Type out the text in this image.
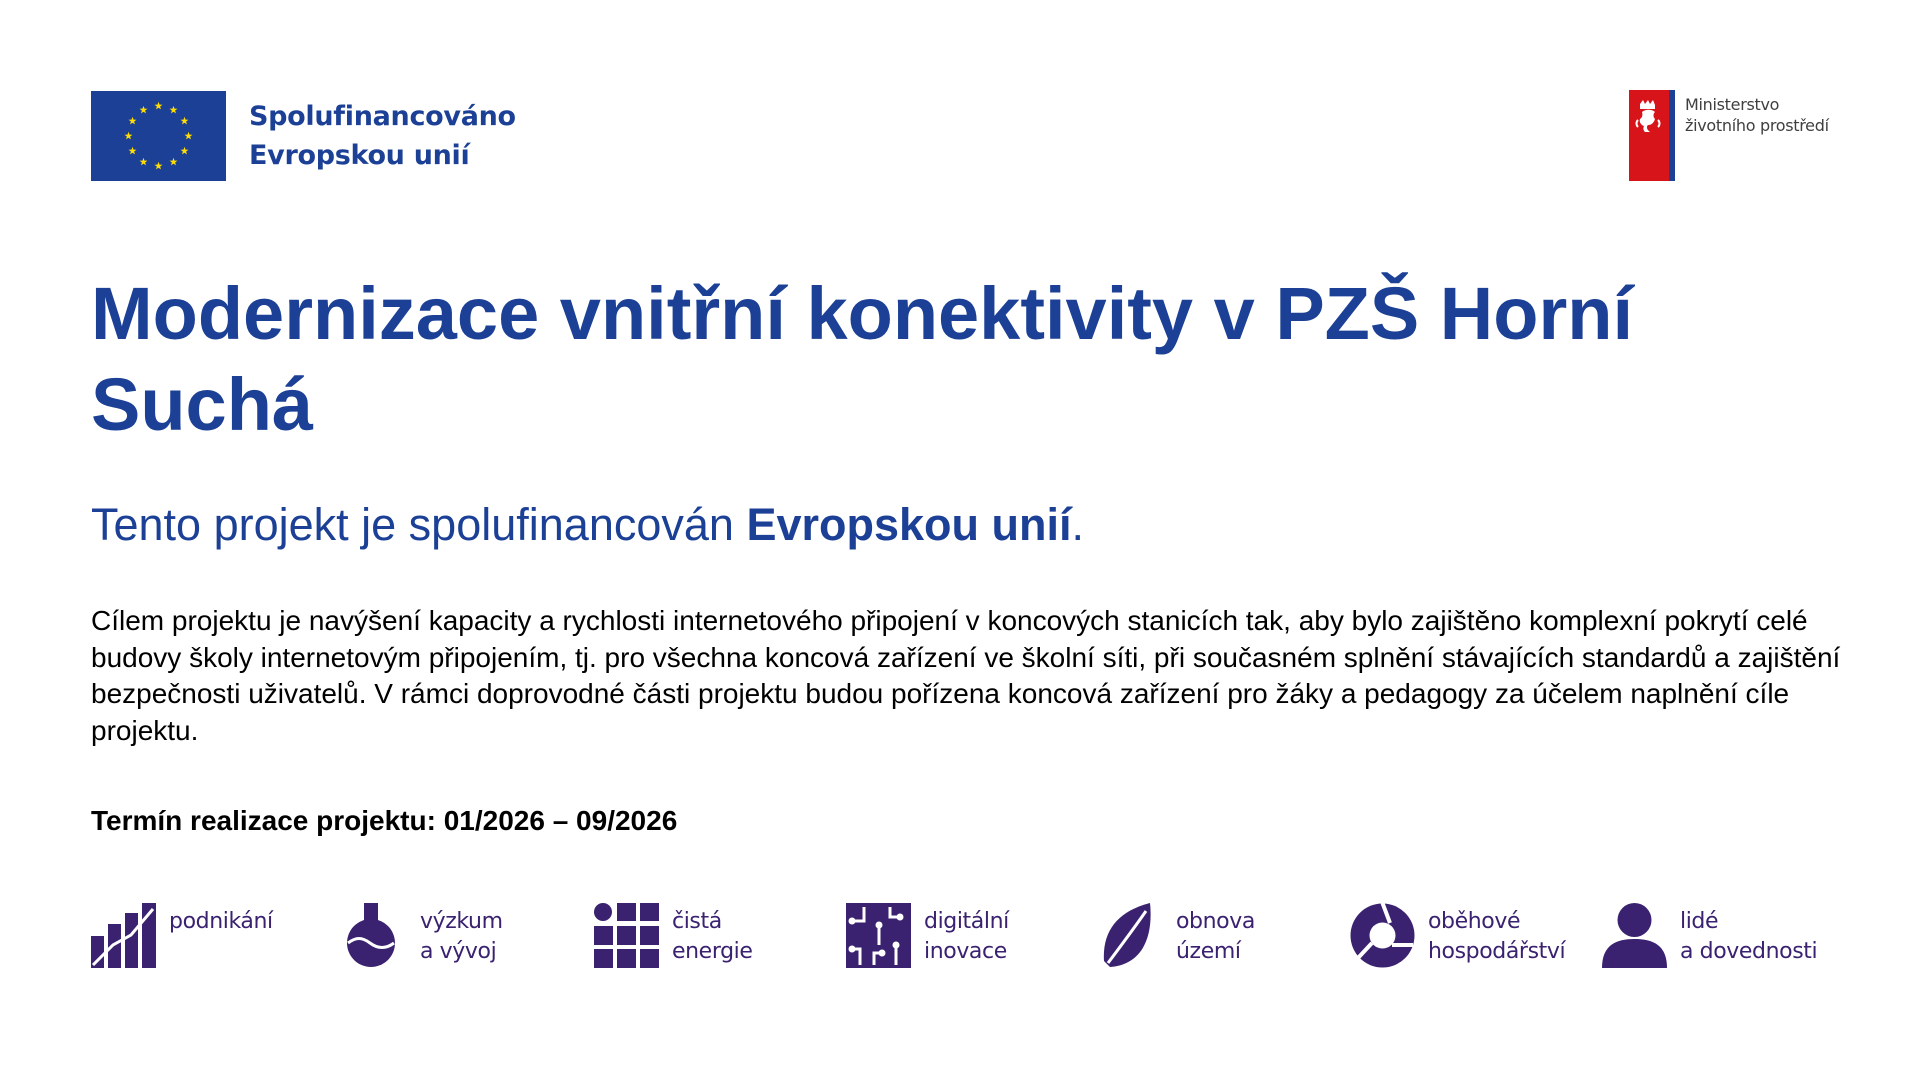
Spolufinancováno
Evropskou unií
Ministerstvo
životního prostředí
Modernizace vnitřní konektivity v PZŠ Horní Suchá

Tento projekt je spolufinancován Evropskou unií.

Cílem projektu je navýšení kapacity a rychlosti internetového připojení v koncových stanicích tak, aby bylo zajištěno komplexní pokrytí celé budovy školy internetovým připojením, tj. pro všechna koncová zařízení ve školní síti, při současném splnění stávajících standardů a zajištění bezpečnosti uživatelů. V rámci doprovodné části projektu budou pořízena koncová zařízení pro žáky a pedagogy za účelem naplnění cíle projektu.

Termín realizace projektu: 01/2026 – 09/2026

podnikání	výzkum
a vývoj
čistá
energie
digitální
inovace
obnova
území
oběhové
hospodářství
lidé
a dovednosti
